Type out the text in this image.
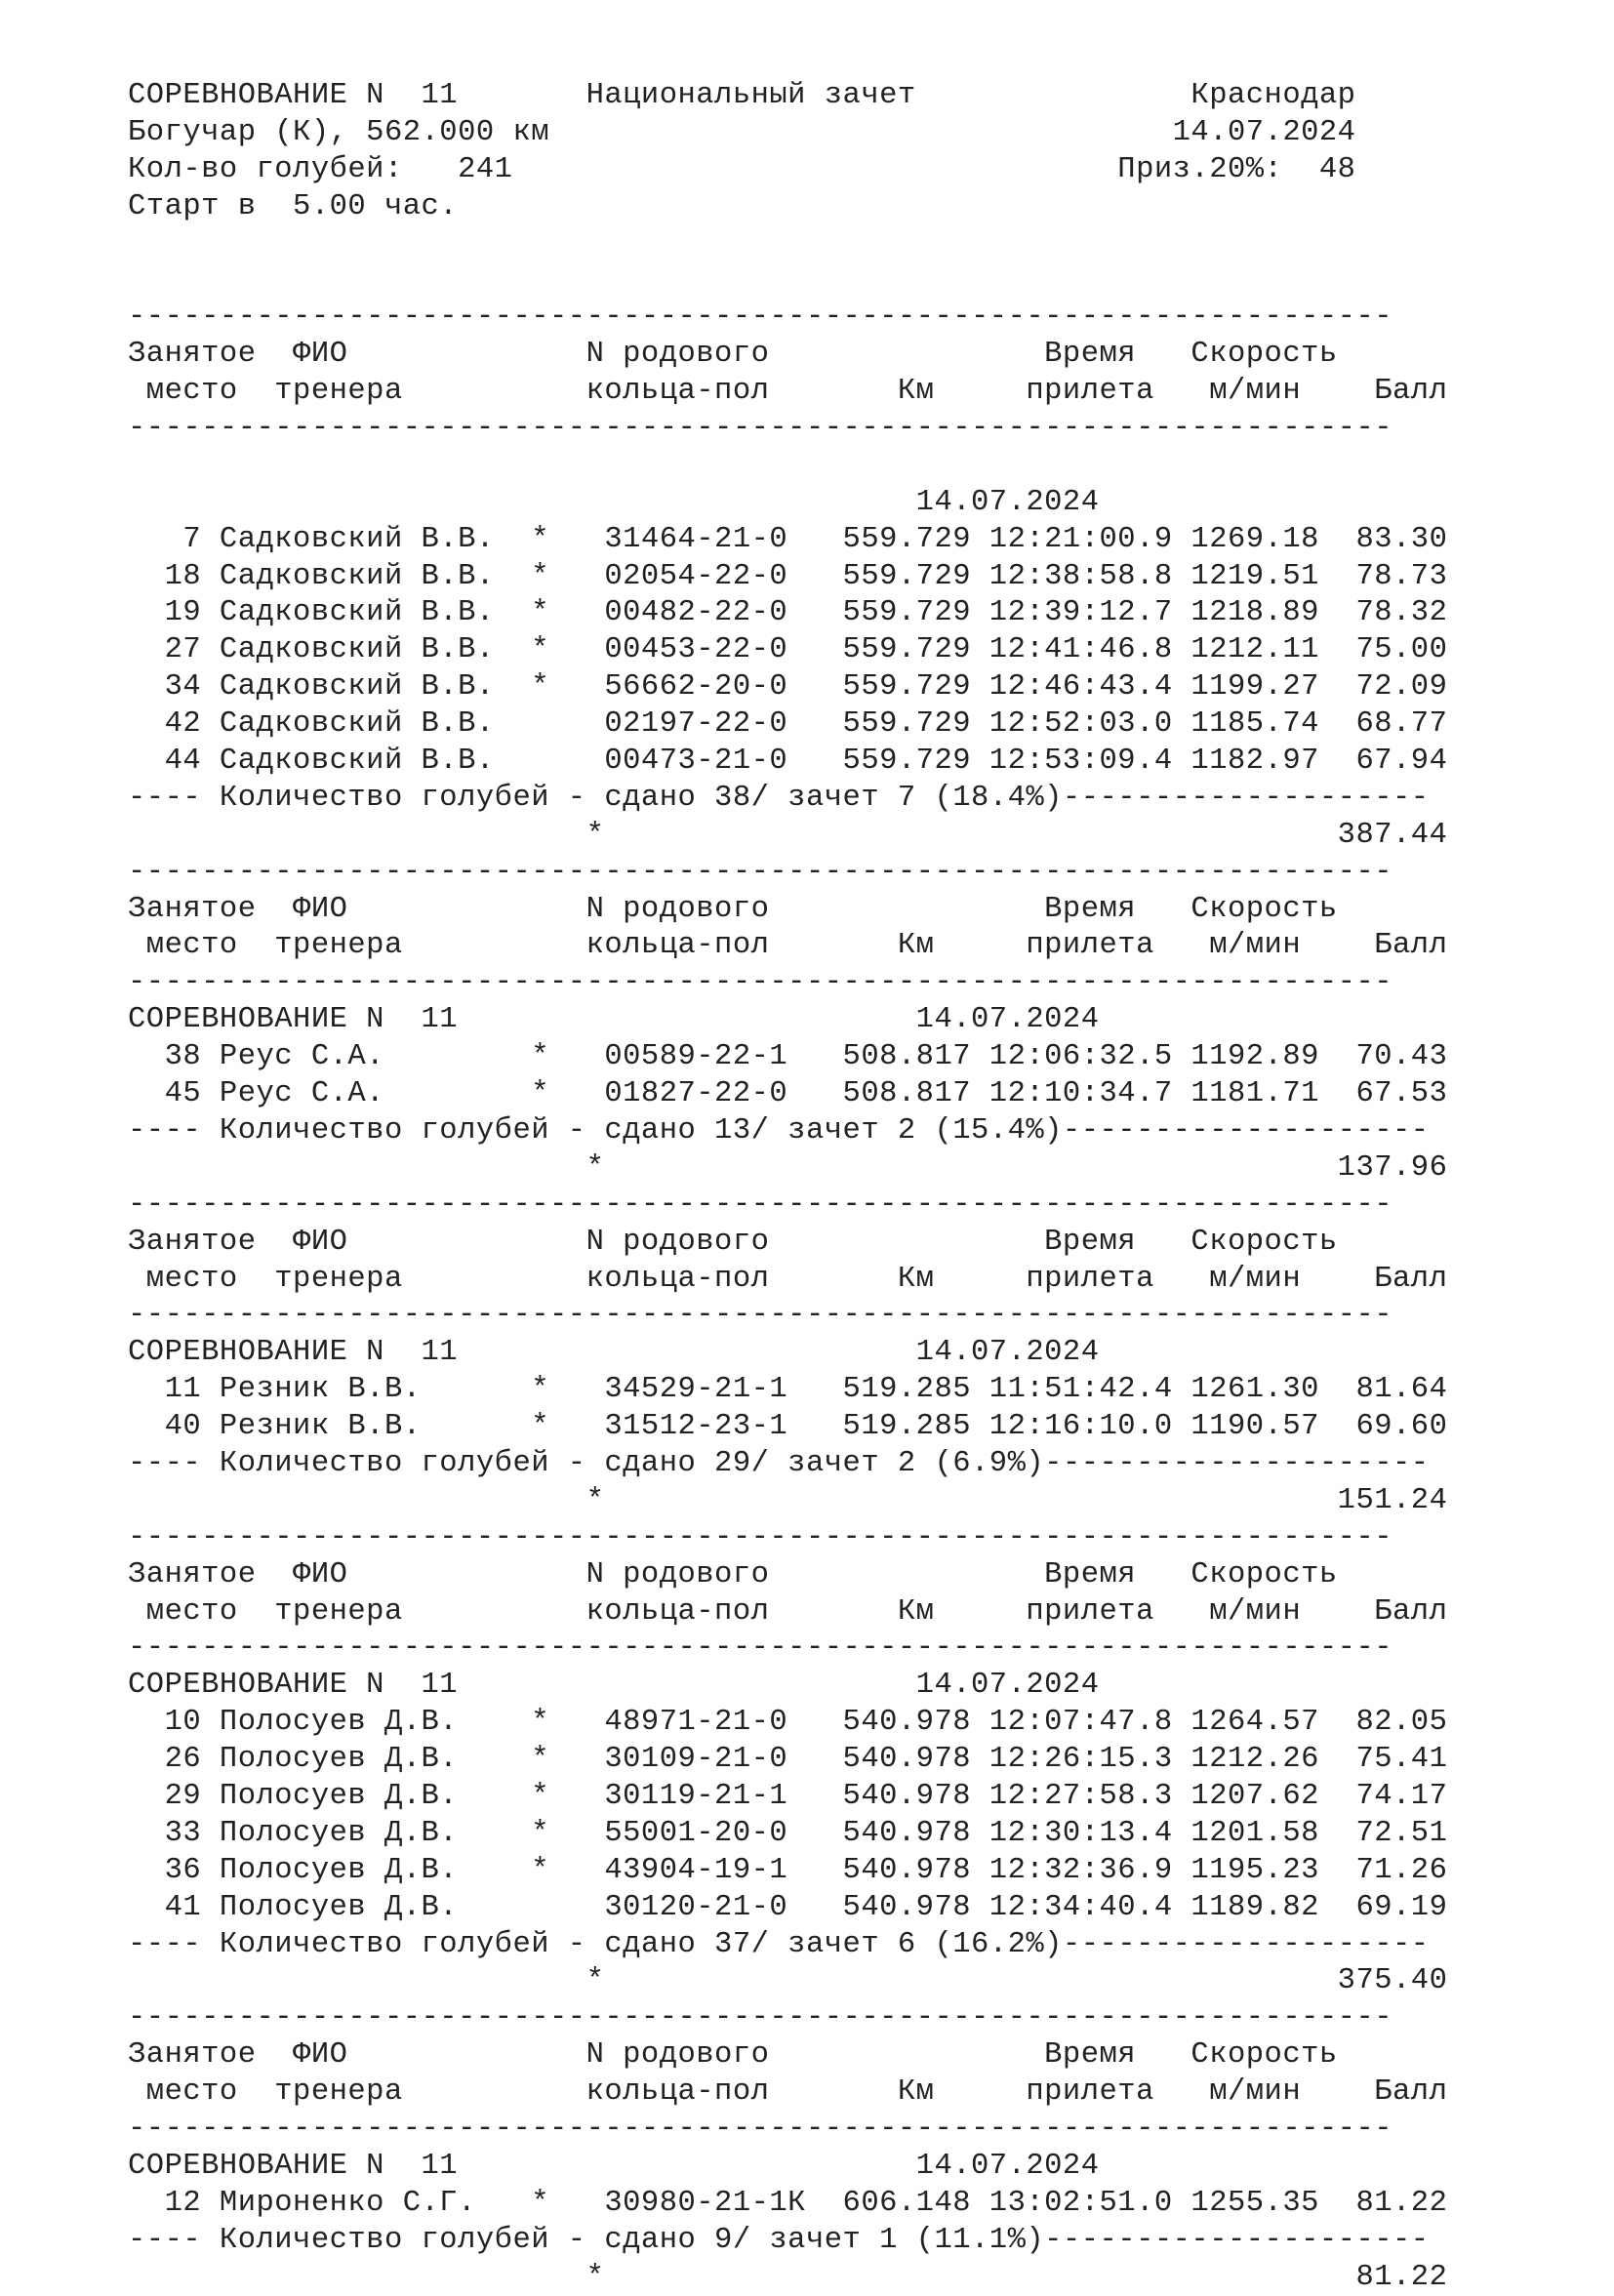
СОРЕВНОВАНИЕ N  11       Национальный зачет               Краснодар
Богучар (К), 562.000 км                                  14.07.2024
Кол-во голубей:   241                                 Приз.20%:  48
Старт в  5.00 час.
---------------------------------------------------------------------
Занятое  ФИО             N родового               Время   Скорость
место  тренера          кольца-пол       Км     прилета   м/мин    Балл
---------------------------------------------------------------------
14.07.2024
7 Садковский В.В.  *   31464-21-0   559.729 12:21:00.9 1269.18  83.30
18 Садковский В.В.  *   02054-22-0   559.729 12:38:58.8 1219.51  78.73
19 Садковский В.В.  *   00482-22-0   559.729 12:39:12.7 1218.89  78.32
27 Садковский В.В.  *   00453-22-0   559.729 12:41:46.8 1212.11  75.00
34 Садковский В.В.  *   56662-20-0   559.729 12:46:43.4 1199.27  72.09
42 Садковский В.В.      02197-22-0   559.729 12:52:03.0 1185.74  68.77
44 Садковский В.В.      00473-21-0   559.729 12:53:09.4 1182.97  67.94
---- Количество голубей - сдано 38/ зачет 7 (18.4%)--------------------
*                                        387.44
---------------------------------------------------------------------
Занятое  ФИО             N родового               Время   Скорость
место  тренера          кольца-пол       Км     прилета   м/мин    Балл
---------------------------------------------------------------------
СОРЕВНОВАНИЕ N  11                         14.07.2024
38 Реус С.А.        *   00589-22-1   508.817 12:06:32.5 1192.89  70.43
45 Реус С.А.        *   01827-22-0   508.817 12:10:34.7 1181.71  67.53
---- Количество голубей - сдано 13/ зачет 2 (15.4%)--------------------
*                                        137.96
---------------------------------------------------------------------
Занятое  ФИО             N родового               Время   Скорость
место  тренера          кольца-пол       Км     прилета   м/мин    Балл
---------------------------------------------------------------------
СОРЕВНОВАНИЕ N  11                         14.07.2024
11 Резник В.В.      *   34529-21-1   519.285 11:51:42.4 1261.30  81.64
40 Резник В.В.      *   31512-23-1   519.285 12:16:10.0 1190.57  69.60
---- Количество голубей - сдано 29/ зачет 2 (6.9%)---------------------
*                                        151.24
---------------------------------------------------------------------
Занятое  ФИО             N родового               Время   Скорость
место  тренера          кольца-пол       Км     прилета   м/мин    Балл
---------------------------------------------------------------------
СОРЕВНОВАНИЕ N  11                         14.07.2024
10 Полосуев Д.В.    *   48971-21-0   540.978 12:07:47.8 1264.57  82.05
26 Полосуев Д.В.    *   30109-21-0   540.978 12:26:15.3 1212.26  75.41
29 Полосуев Д.В.    *   30119-21-1   540.978 12:27:58.3 1207.62  74.17
33 Полосуев Д.В.    *   55001-20-0   540.978 12:30:13.4 1201.58  72.51
36 Полосуев Д.В.    *   43904-19-1   540.978 12:32:36.9 1195.23  71.26
41 Полосуев Д.В.        30120-21-0   540.978 12:34:40.4 1189.82  69.19
---- Количество голубей - сдано 37/ зачет 6 (16.2%)--------------------
*                                        375.40
---------------------------------------------------------------------
Занятое  ФИО             N родового               Время   Скорость
место  тренера          кольца-пол       Км     прилета   м/мин    Балл
---------------------------------------------------------------------
СОРЕВНОВАНИЕ N  11                         14.07.2024
12 Мироненко С.Г.   *   30980-21-1К  606.148 13:02:51.0 1255.35  81.22
---- Количество голубей - сдано 9/ зачет 1 (11.1%)---------------------
*                                         81.22
